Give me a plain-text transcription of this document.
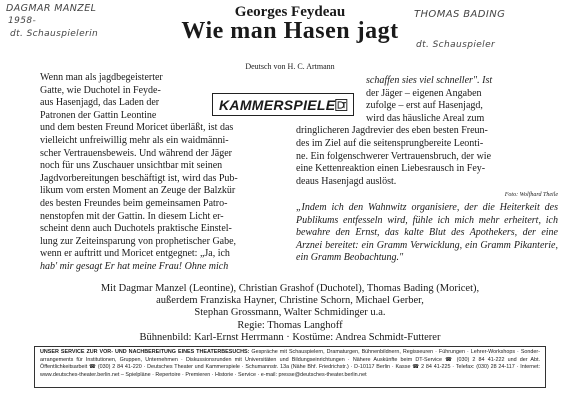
DAGMAR MANZEL
1958-
dt. Schauspielerin
THOMAS BADING
dt. Schauspieler
Georges Feydeau
Wie man Hasen jagt
Deutsch von H. C. Artmann
Wenn man als jagdbegeisterter
Gatte, wie Duchotel in Feyde-
aus Hasenjagd, das Laden der
Patronen der Gattin Leontine
und dem besten Freund Moricet überläßt, ist das
vielleicht unfreiwillig mehr als ein waidmänni-
scher Vertrauensbeweis. Und während der Jäger
noch für uns Zuschauer unsichtbar mit seinen
Jagdvorbereitungen beschäftigt ist, wird das Pub-
likum vom ersten Moment an Zeuge der Balzkür
des besten Freundes beim gemeinsamen Patro-
nenstopfen mit der Gattin. In diesem Licht er-
scheint denn auch Duchotels praktische Einstel-
lung zur Zeiteinsparung von prophetischer Gabe,
wenn er auftritt und Moricet entgegnet: „Ja, ich
hab' mir gesagt Er hat meine Frau! Ohne mich
KAMMERSPIELE
schaffen sies viel schneller". Ist
der Jäger – eigenen Angaben
zufolge – erst auf Hasenjagd,
wird das häusliche Areal zum
dringlicheren Jagdrevier des eben besten Freun-
des im Ziel auf die seitensprungbereite Leonti-
ne. Ein folgenschwerer Vertrauensbruch, der wie
eine Kettenreaktion einen Liebesrausch in Fey-
deaus Hasenjagd auslöst.
Foto: Wolfhard Theile

„Indem ich den Wahnwitz organisiere, der die Heiterkeit des Publikums entfesseln wird, fühle ich mich mehr erheitert, ich bewahre den Ernst, das kalte Blut des Apothekers, der eine Arznei bereitet: ein Gramm Verwicklung, ein Gramm Pikanterie, ein Gramm Beobachtung."

Mit Dagmar Manzel (Leontine), Christian Grashof (Duchotel), Thomas Bading (Moricet),
außerdem Franziska Hayner, Christine Schorn, Michael Gerber,
Stephan Grossmann, Walter Schmidinger u.a.
Regie: Thomas Langhoff
Bühnenbild: Karl-Ernst Herrmann · Kostüme: Andrea Schmidt-Futterer
UNSER SERVICE ZUR VOR- UND NACHBEREITUNG EINES THEATERBESUCHS: Gespräche mit Schauspielern, Dramaturgen, Bühnenbildnern, Regisseuren · Führungen · Lehrer-Workshops · Sonder-arrangements für Institutionen, Gruppen, Unternehmen · Diskussionsrunden mit Universitäten und Bildungseinrichtungen · Nähere Auskünfte beim DT-Service ☎ (030) 2 84 41-222 und der Abt. Öffentlichkeitsarbeit ☎ (030) 2 84 41-220 · Deutsches Theater und Kammerspiele · Schumannstr. 13a (Nähe Bhf. Friedrichstr.) · D-10117 Berlin · Kasse ☎ 2 84 41-225 · Telefax: (030) 28 24-117 · Internet: www.deutsches-theater.berlin.net – Spielpläne · Repertoire · Premieren · Historie · Service · e-mail: presse@deutsches-theater.berlin.net
